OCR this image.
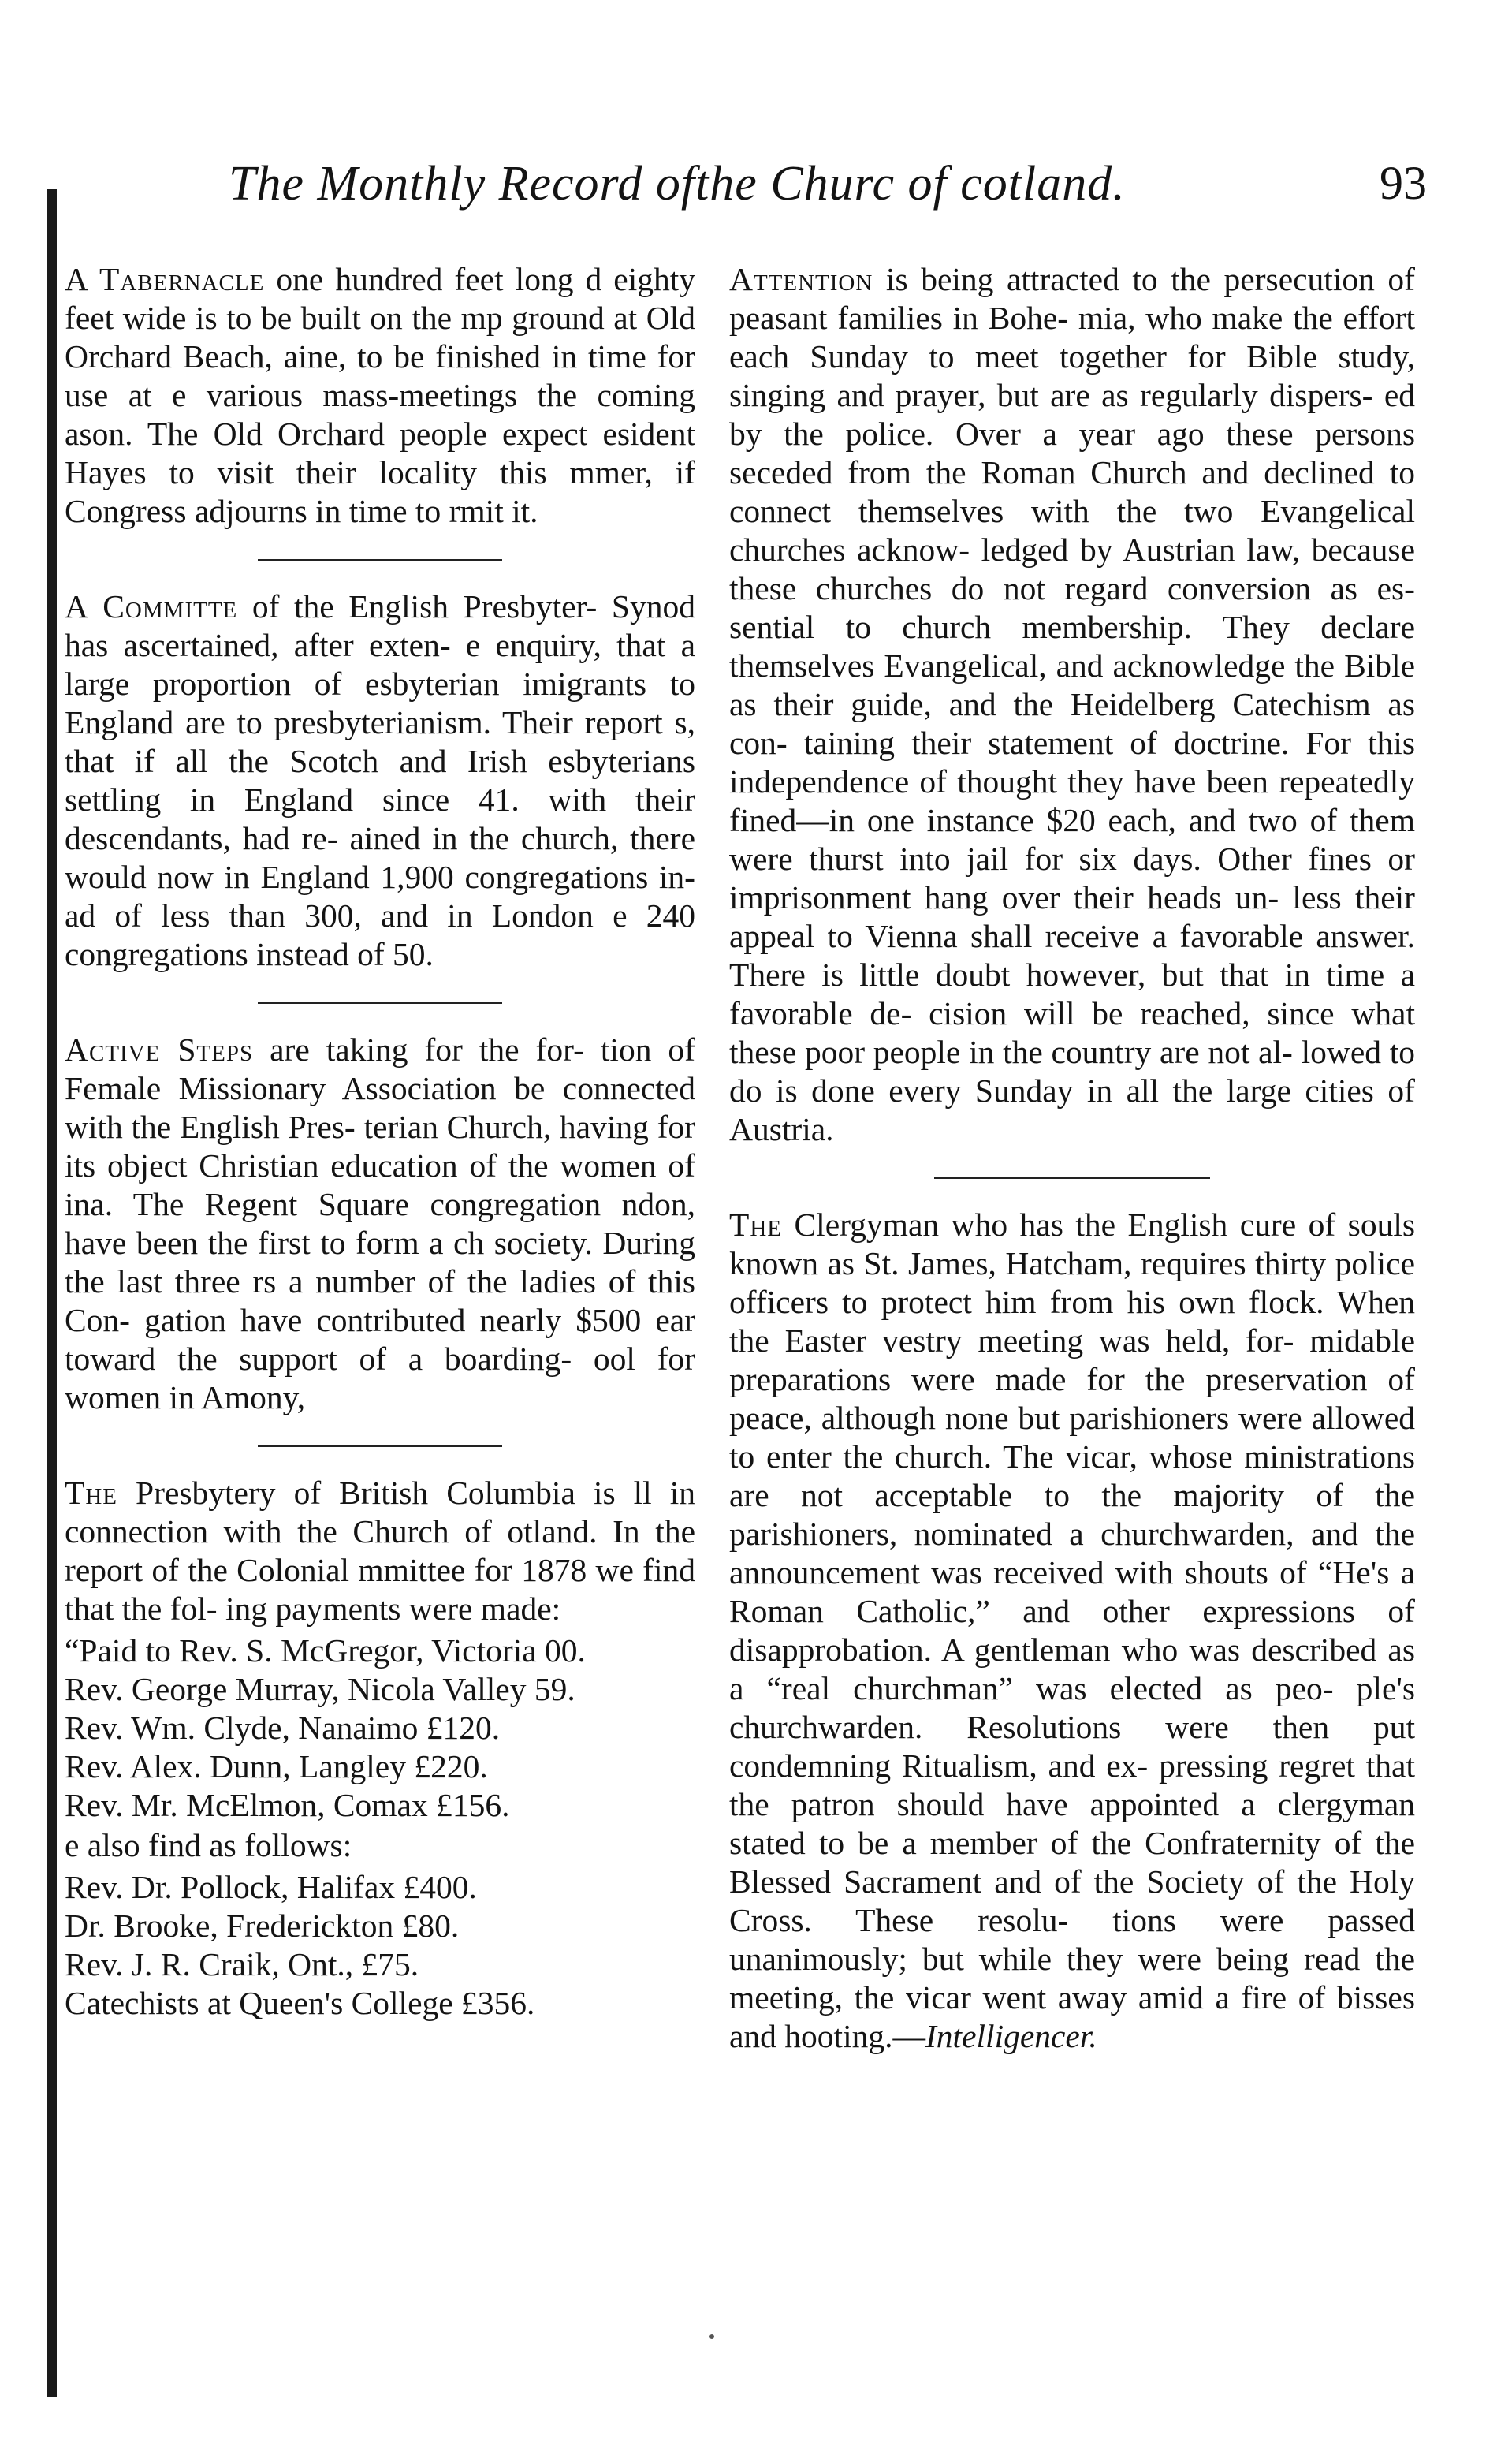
The Monthly Record ofthe Churc of cotland.	93

A Tabernacle one hundred feet long d eighty feet wide is to be built on the mp ground at Old Orchard Beach, aine, to be finished in time for use at e various mass-meetings the coming ason. The Old Orchard people expect esident Hayes to visit their locality this mmer, if Congress adjourns in time to rmit it.

A Committe of the English Presbyter- Synod has ascertained, after exten- e enquiry, that a large proportion of esbyterian imigrants to England are to presbyterianism. Their report s, that if all the Scotch and Irish esbyterians settling in England since 41. with their descendants, had re- ained in the church, there would now in England 1,900 congregations in- ad of less than 300, and in London e 240 congregations instead of 50.

Active Steps are taking for the for- tion of Female Missionary Association be connected with the English Pres- terian Church, having for its object Christian education of the women of ina. The Regent Square congregation ndon, have been the first to form a ch society. During the last three rs a number of the ladies of this Con- gation have contributed nearly $500 ear toward the support of a boarding- ool for women in Amony,

The Presbytery of British Columbia is ll in connection with the Church of otland. In the report of the Colonial mmittee for 1878 we find that the fol- ing payments were made:

“Paid to Rev. S. McGregor, Victoria 00.
Rev. George Murray, Nicola Valley 59.
Rev. Wm. Clyde, Nanaimo £120.
Rev. Alex. Dunn, Langley £220.
Rev. Mr. McElmon, Comax £156.

e also find as follows:

Rev. Dr. Pollock, Halifax £400.
Dr. Brooke, Frederickton £80.
Rev. J. R. Craik, Ont., £75.
Catechists at Queen's College £356.

Attention is being attracted to the persecution of peasant families in Bohe- mia, who make the effort each Sunday to meet together for Bible study, singing and prayer, but are as regularly dispers- ed by the police. Over a year ago these persons seceded from the Roman Church and declined to connect themselves with the two Evangelical churches acknow- ledged by Austrian law, because these churches do not regard conversion as es- sential to church membership. They declare themselves Evangelical, and acknowledge the Bible as their guide, and the Heidelberg Catechism as con- taining their statement of doctrine. For this independence of thought they have been repeatedly fined—in one instance $20 each, and two of them were thurst into jail for six days. Other fines or imprisonment hang over their heads un- less their appeal to Vienna shall receive a favorable answer. There is little doubt however, but that in time a favorable de- cision will be reached, since what these poor people in the country are not al- lowed to do is done every Sunday in all the large cities of Austria.

The Clergyman who has the English cure of souls known as St. James, Hatcham, requires thirty police officers to protect him from his own flock. When the Easter vestry meeting was held, for- midable preparations were made for the preservation of peace, although none but parishioners were allowed to enter the church. The vicar, whose ministrations are not acceptable to the majority of the parishioners, nominated a churchwarden, and the announcement was received with shouts of “He's a Roman Catholic,” and other expressions of disapprobation. A gentleman who was described as a “real churchman” was elected as peo- ple's churchwarden. Resolutions were then put condemning Ritualism, and ex- pressing regret that the patron should have appointed a clergyman stated to be a member of the Confraternity of the Blessed Sacrament and of the Society of the Holy Cross. These resolu- tions were passed unanimously; but while they were being read the meeting, the vicar went away amid a fire of bisses and hooting.—Intelligencer.
